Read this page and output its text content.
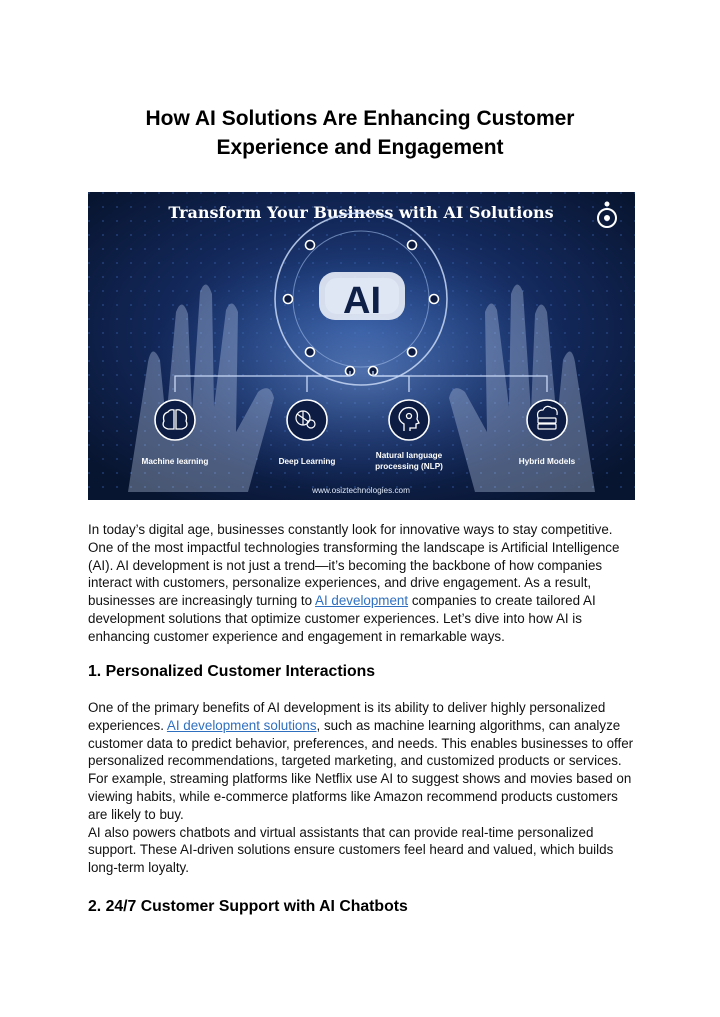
How AI Solutions Are Enhancing Customer
Experience and Engagement
Transform Your Business with AI Solutions
AI
Machine learning	Deep Learning
Natural language
processing (NLP)
Hybrid Models
www.osiztechnologies.com
In today’s digital age, businesses constantly look for innovative ways to stay competitive.
One of the most impactful technologies transforming the landscape is Artificial Intelligence
(AI). AI development is not just a trend—it’s becoming the backbone of how companies
interact with customers, personalize experiences, and drive engagement. As a result,
businesses are increasingly turning to AI development companies to create tailored AI
development solutions that optimize customer experiences. Let’s dive into how AI is
enhancing customer experience and engagement in remarkable ways.
1. Personalized Customer Interactions
One of the primary benefits of AI development is its ability to deliver highly personalized
experiences. AI development solutions, such as machine learning algorithms, can analyze
customer data to predict behavior, preferences, and needs. This enables businesses to offer
personalized recommendations, targeted marketing, and customized products or services.
For example, streaming platforms like Netflix use AI to suggest shows and movies based on
viewing habits, while e-commerce platforms like Amazon recommend products customers
are likely to buy.
AI also powers chatbots and virtual assistants that can provide real-time personalized
support. These AI-driven solutions ensure customers feel heard and valued, which builds
long-term loyalty.
2. 24/7 Customer Support with AI Chatbots
